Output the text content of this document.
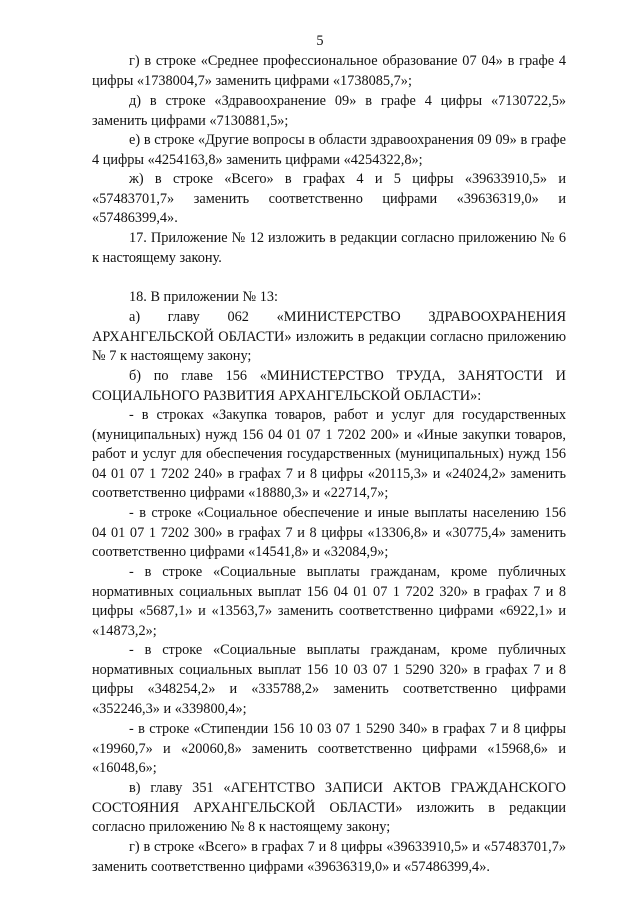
5

г) в строке «Среднее профессиональное образование 07 04» в графе 4 цифры «1738004,7» заменить цифрами «1738085,7»;

д) в строке «Здравоохранение 09» в графе 4 цифры «7130722,5» заменить цифрами «7130881,5»;

е) в строке «Другие вопросы в области здравоохранения 09 09» в графе 4 цифры «4254163,8» заменить цифрами «4254322,8»;

ж) в строке «Всего» в графах 4 и 5 цифры «39633910,5» и «57483701,7» заменить соответственно цифрами «39636319,0» и «57486399,4».

17. Приложение № 12 изложить в редакции согласно приложению № 6 к настоящему закону.

18. В приложении № 13:

а) главу 062 «МИНИСТЕРСТВО ЗДРАВООХРАНЕНИЯ АРХАНГЕЛЬСКОЙ ОБЛАСТИ» изложить в редакции согласно приложению № 7 к настоящему закону;

б) по главе 156 «МИНИСТЕРСТВО ТРУДА, ЗАНЯТОСТИ И СОЦИАЛЬНОГО РАЗВИТИЯ АРХАНГЕЛЬСКОЙ ОБЛАСТИ»:

- в строках «Закупка товаров, работ и услуг для государственных (муниципальных) нужд 156 04 01 07 1 7202 200» и «Иные закупки товаров, работ и услуг для обеспечения государственных (муниципальных) нужд 156 04 01 07 1 7202 240» в графах 7 и 8 цифры «20115,3» и «24024,2» заменить соответственно цифрами «18880,3» и «22714,7»;

- в строке «Социальное обеспечение и иные выплаты населению 156 04 01 07 1 7202 300» в графах 7 и 8 цифры «13306,8» и «30775,4» заменить соответственно цифрами «14541,8» и «32084,9»;

- в строке «Социальные выплаты гражданам, кроме публичных нормативных социальных выплат 156 04 01 07 1 7202 320» в графах 7 и 8 цифры «5687,1» и «13563,7» заменить соответственно цифрами «6922,1» и «14873,2»;

- в строке «Социальные выплаты гражданам, кроме публичных нормативных социальных выплат 156 10 03 07 1 5290 320» в графах 7 и 8 цифры «348254,2» и «335788,2» заменить соответственно цифрами «352246,3» и «339800,4»;

- в строке «Стипендии 156 10 03 07 1 5290 340» в графах 7 и 8 цифры «19960,7» и «20060,8» заменить соответственно цифрами «15968,6» и «16048,6»;

в) главу 351 «АГЕНТСТВО ЗАПИСИ АКТОВ ГРАЖДАНСКОГО СОСТОЯНИЯ АРХАНГЕЛЬСКОЙ ОБЛАСТИ» изложить в редакции согласно приложению № 8 к настоящему закону;

г) в строке «Всего» в графах 7 и 8 цифры «39633910,5» и «57483701,7» заменить соответственно цифрами «39636319,0» и «57486399,4».
